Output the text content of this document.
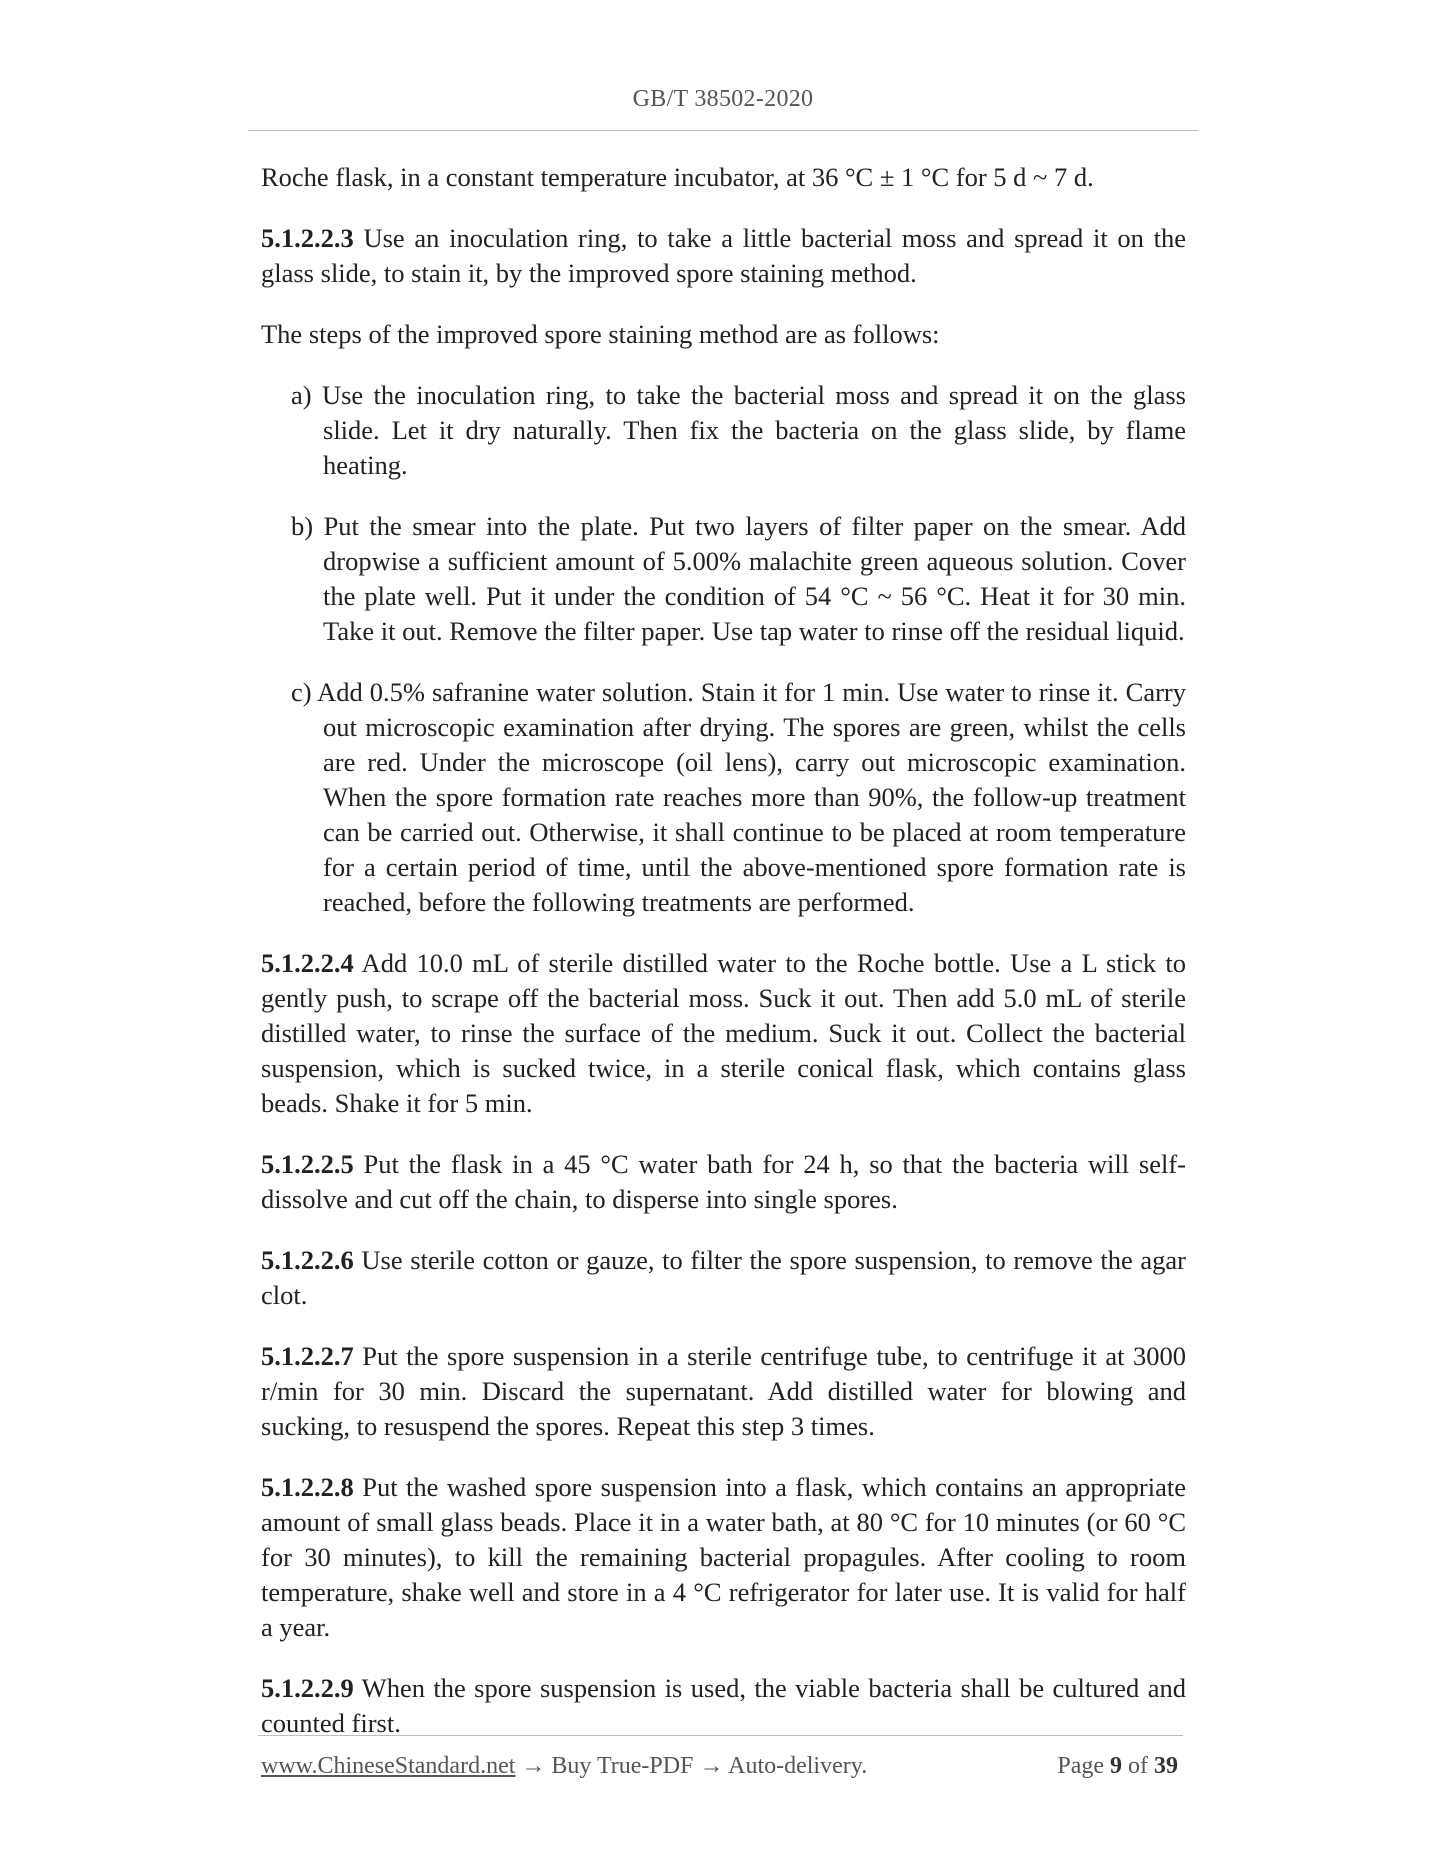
GB/T 38502-2020

Roche flask, in a constant temperature incubator, at 36 °C ± 1 °C for 5 d ~ 7 d.

5.1.2.2.3 Use an inoculation ring, to take a little bacterial moss and spread it on the glass slide, to stain it, by the improved spore staining method.

The steps of the improved spore staining method are as follows:

a) Use the inoculation ring, to take the bacterial moss and spread it on the glass slide. Let it dry naturally. Then fix the bacteria on the glass slide, by flame heating.
b) Put the smear into the plate. Put two layers of filter paper on the smear. Add dropwise a sufficient amount of 5.00% malachite green aqueous solution. Cover the plate well. Put it under the condition of 54 °C ~ 56 °C. Heat it for 30 min. Take it out. Remove the filter paper. Use tap water to rinse off the residual liquid.
c) Add 0.5% safranine water solution. Stain it for 1 min. Use water to rinse it. Carry out microscopic examination after drying. The spores are green, whilst the cells are red. Under the microscope (oil lens), carry out microscopic examination. When the spore formation rate reaches more than 90%, the follow-up treatment can be carried out. Otherwise, it shall continue to be placed at room temperature for a certain period of time, until the above-mentioned spore formation rate is reached, before the following treatments are performed.

5.1.2.2.4 Add 10.0 mL of sterile distilled water to the Roche bottle. Use a L stick to gently push, to scrape off the bacterial moss. Suck it out. Then add 5.0 mL of sterile distilled water, to rinse the surface of the medium. Suck it out. Collect the bacterial suspension, which is sucked twice, in a sterile conical flask, which contains glass beads. Shake it for 5 min.

5.1.2.2.5 Put the flask in a 45 °C water bath for 24 h, so that the bacteria will self-dissolve and cut off the chain, to disperse into single spores.

5.1.2.2.6 Use sterile cotton or gauze, to filter the spore suspension, to remove the agar clot.

5.1.2.2.7 Put the spore suspension in a sterile centrifuge tube, to centrifuge it at 3000 r/min for 30 min. Discard the supernatant. Add distilled water for blowing and sucking, to resuspend the spores. Repeat this step 3 times.

5.1.2.2.8 Put the washed spore suspension into a flask, which contains an appropriate amount of small glass beads. Place it in a water bath, at 80 °C for 10 minutes (or 60 °C for 30 minutes), to kill the remaining bacterial propagules. After cooling to room temperature, shake well and store in a 4 °C refrigerator for later use. It is valid for half a year.

5.1.2.2.9 When the spore suspension is used, the viable bacteria shall be cultured and counted first.

www.ChineseStandard.net → Buy True-PDF → Auto-delivery.	Page 9 of 39
